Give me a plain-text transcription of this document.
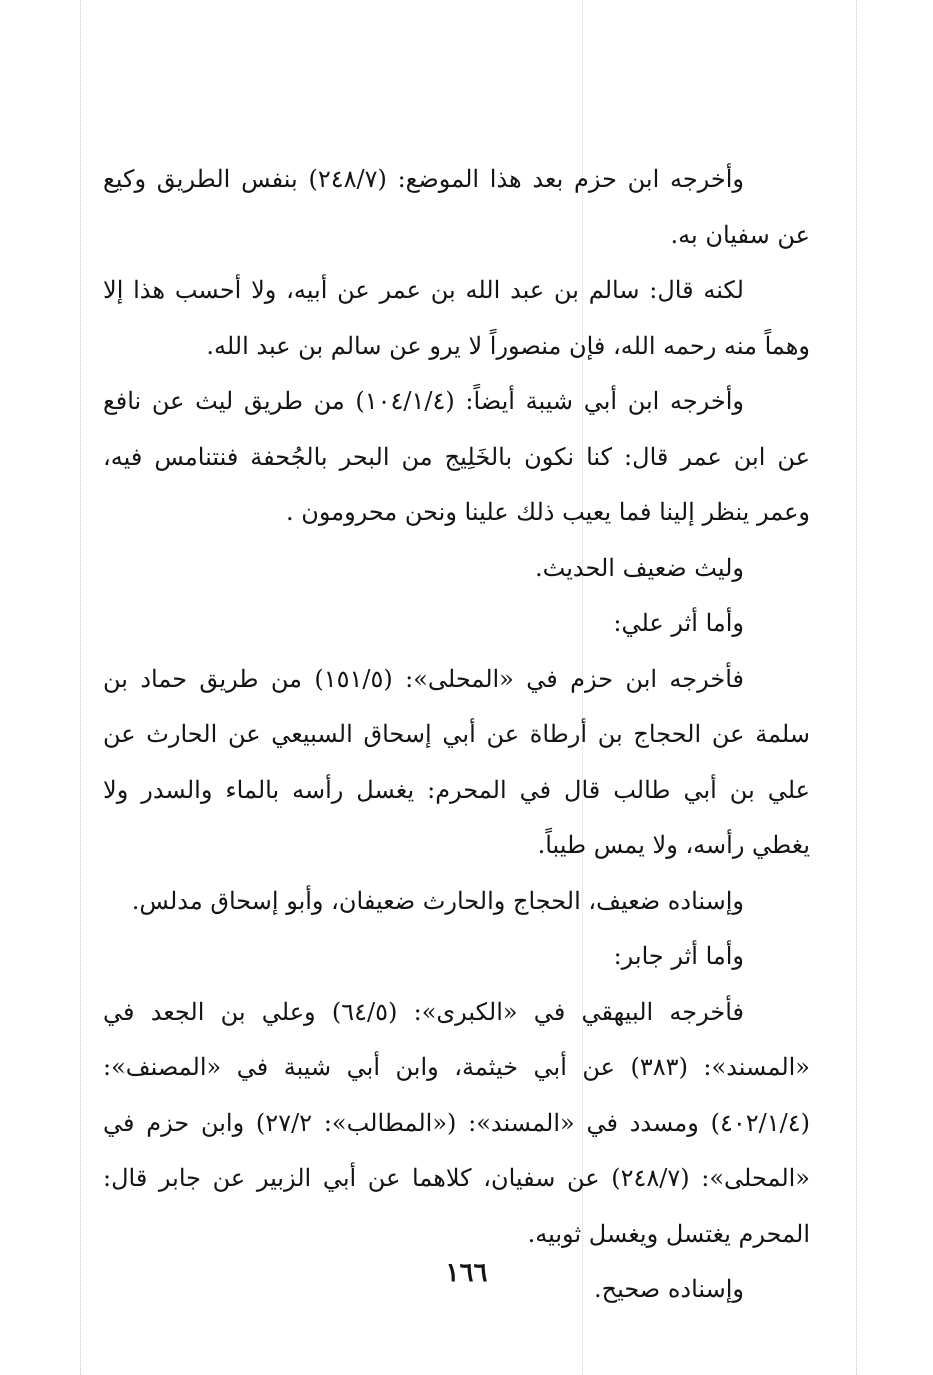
وأخرجه ابن حزم بعد هذا الموضع: (٢٤٨/٧) بنفس الطريق وكيع عن سفيان به.

لكنه قال: سالم بن عبد الله بن عمر عن أبيه، ولا أحسب هذا إلا وهماً منه رحمه الله، فإن منصوراً لا يرو عن سالم بن عبد الله.

وأخرجه ابن أبي شيبة أيضاً: (١٠٤/١/٤) من طريق ليث عن نافع عن ابن عمر قال: كنا نكون بالخَلِيج من البحر بالجُحفة فنتنامس فيه، وعمر ينظر إلينا فما يعيب ذلك علينا ونحن محرومون .

وليث ضعيف الحديث.

وأما أثر علي:

فأخرجه ابن حزم في «المحلى»: (١٥١/٥) من طريق حماد بن سلمة عن الحجاج بن أرطاة عن أبي إسحاق السبيعي عن الحارث عن علي بن أبي طالب قال في المحرم: يغسل رأسه بالماء والسدر ولا يغطي رأسه، ولا يمس طيباً.

وإسناده ضعيف، الحجاج والحارث ضعيفان، وأبو إسحاق مدلس.

وأما أثر جابر:

فأخرجه البيهقي في «الكبرى»: (٦٤/٥) وعلي بن الجعد في «المسند»: (٣٨٣) عن أبي خيثمة، وابن أبي شيبة في «المصنف»: (٤٠٢/١/٤) ومسدد في «المسند»: («المطالب»: ٢٧/٢) وابن حزم في «المحلى»: (٢٤٨/٧) عن سفيان، كلاهما عن أبي الزبير عن جابر قال: المحرم يغتسل ويغسل ثوبيه.

وإسناده صحيح.

١٦٦
